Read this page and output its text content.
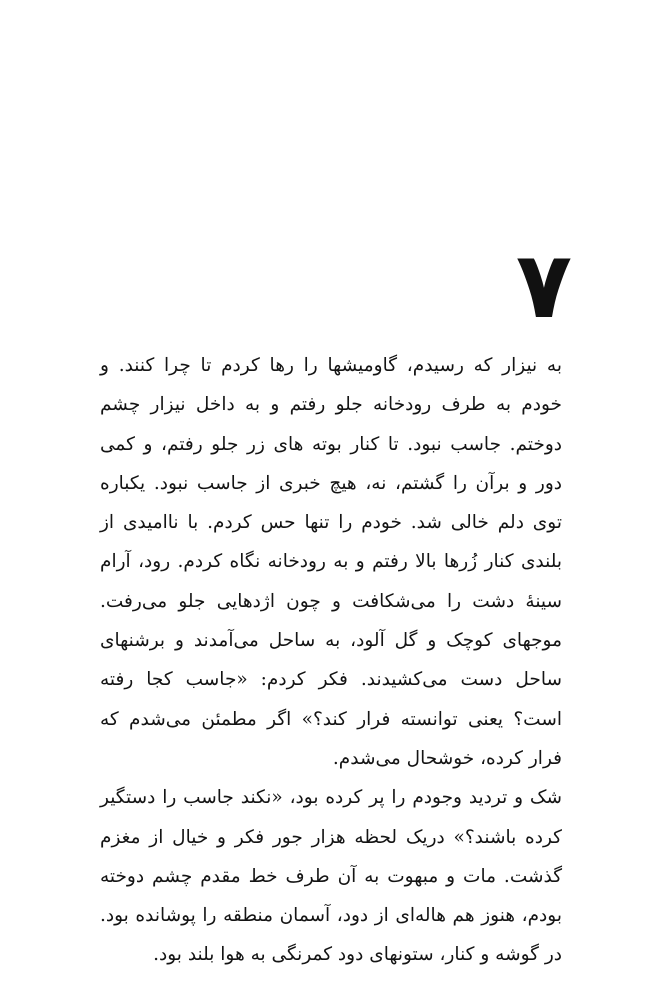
۷

به نیزار که رسیدم، گاومیشها را رها کردم تا چرا کنند. و خودم به طرف رودخانه جلو رفتم و به داخل نیزار چشم دوختم. جاسب نبود. تا کنار بوته های زر جلو رفتم، و کمی دور و برآن را گشتم، نه، هیچ خبری از جاسب نبود. یکباره توی دلم خالی شد. خودم را تنها حس کردم. با ناامیدی از بلندی کنار زُرها بالا رفتم و به رودخانه نگاه کردم. رود، آرام سینهٔ دشت را می‌شکافت و چون اژدهایی جلو می‌رفت. موجهای کوچک و گل آلود، به ساحل می‌آمدند و برشنهای ساحل دست می‌کشیدند. فکر کردم: «جاسب کجا رفته است؟ یعنی توانسته فرار کند؟» اگر مطمئن می‌شدم که فرار کرده، خوشحال می‌شدم.

شک و تردید وجودم را پر کرده بود، «نکند جاسب را دستگیر کرده باشند؟» دریک لحظه هزار جور فکر و خیال از مغزم گذشت. مات و مبهوت به آن طرف خط مقدم چشم دوخته بودم، هنوز هم هاله‌ای از دود، آسمان منطقه را پوشانده بود. در گوشه و کنار، ستونهای دود کمرنگی به هوا بلند بود.
